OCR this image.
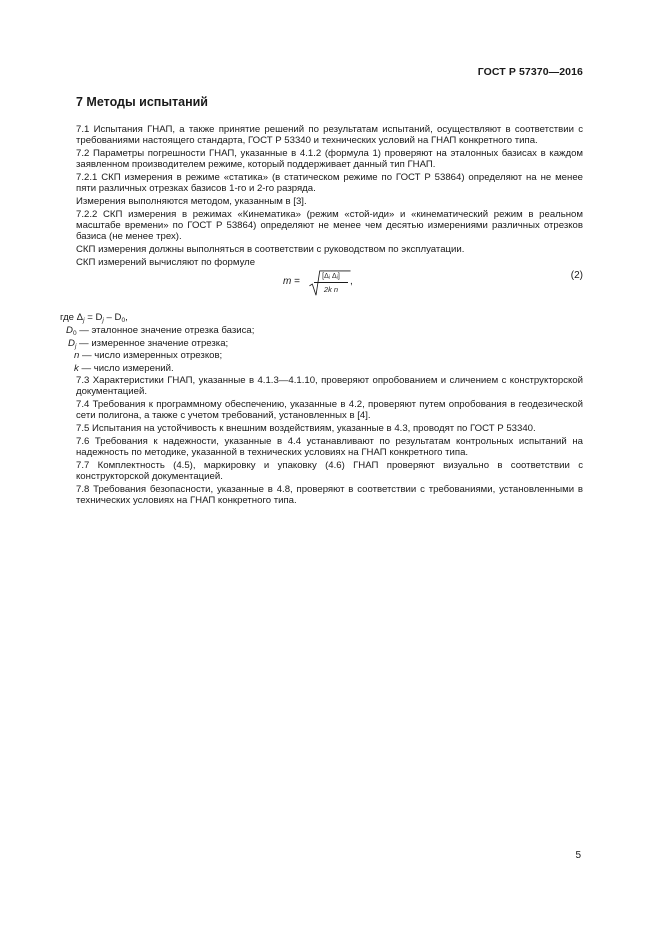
ГОСТ Р 57370—2016
7 Методы испытаний

7.1 Испытания ГНАП, а также принятие решений по результатам испытаний, осуществляют в соответствии с требованиями настоящего стандарта, ГОСТ Р 53340 и технических условий на ГНАП конкретного типа.

7.2 Параметры погрешности ГНАП, указанные в 4.1.2 (формула 1) проверяют на эталонных базисах в каждом заявленном производителем режиме, который поддерживает данный тип ГНАП.

7.2.1 СКП измерения в режиме «статика» (в статическом режиме по ГОСТ Р 53864) определяют на не менее пяти различных отрезках базисов 1-го и 2-го разряда.

Измерения выполняются методом, указанным в [3].

7.2.2 СКП измерения в режимах «Кинематика» (режим «стой-иди» и «кинематический режим в реальном масштабе времени» по ГОСТ Р 53864) определяют не менее чем десятью измерениями различных отрезков базиса (не менее трех).

СКП измерения должны выполняться в соответствии с руководством по эксплуатации.

СКП измерений вычисляют по формуле

m =	[Δⱼ Δⱼ]
2k n
,
(2)

где $\Delta_j = D_j - D_0$,

$D_0$ — эталонное значение отрезка базиса;

$D_j$ — измеренное значение отрезка;

n — число измеренных отрезков;

k — число измерений.

7.3 Характеристики ГНАП, указанные в 4.1.3—4.1.10, проверяют опробованием и сличением с конструкторской документацией.

7.4 Требования к программному обеспечению, указанные в 4.2, проверяют путем опробования в геодезической сети полигона, а также с учетом требований, установленных в [4].

7.5 Испытания на устойчивость к внешним воздействиям, указанные в 4.3, проводят по ГОСТ Р 53340.

7.6 Требования к надежности, указанные в 4.4 устанавливают по результатам контрольных испытаний на надежность по методике, указанной в технических условиях на ГНАП конкретного типа.

7.7 Комплектность (4.5), маркировку и упаковку (4.6) ГНАП проверяют визуально в соответствии с конструкторской документацией.

7.8 Требования безопасности, указанные в 4.8, проверяют в соответствии с требованиями, установленными в технических условиях на ГНАП конкретного типа.

5
